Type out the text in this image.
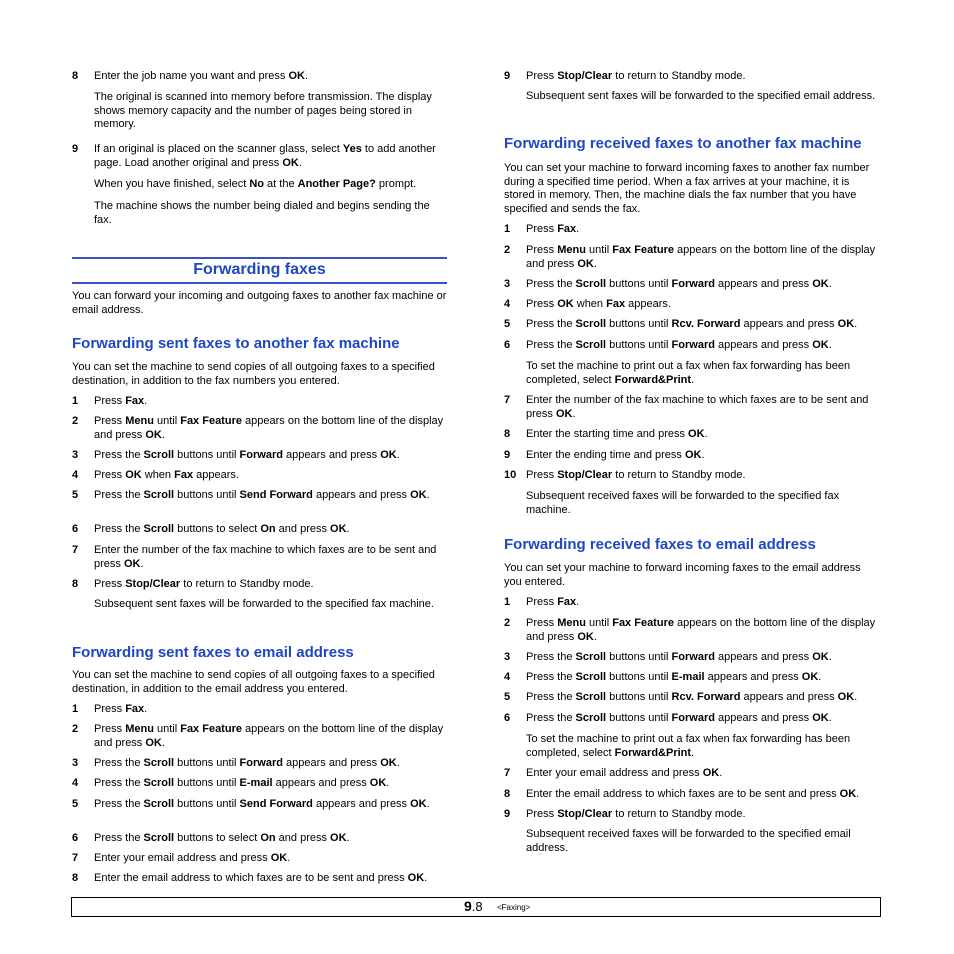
8 Enter the job name you want and press OK.
The original is scanned into memory before transmission. The display shows memory capacity and the number of pages being stored in memory.
9 If an original is placed on the scanner glass, select Yes to add another page. Load another original and press OK.
When you have finished, select No at the Another Page? prompt.
The machine shows the number being dialed and begins sending the fax.
Forwarding faxes
You can forward your incoming and outgoing faxes to another fax machine or email address.
Forwarding sent faxes to another fax machine
You can set the machine to send copies of all outgoing faxes to a specified destination, in addition to the fax numbers you entered.
1 Press Fax.
2 Press Menu until Fax Feature appears on the bottom line of the display and press OK.
3 Press the Scroll buttons until Forward appears and press OK.
4 Press OK when Fax appears.
5 Press the Scroll buttons until Send Forward appears and press OK.
6 Press the Scroll buttons to select On and press OK.
7 Enter the number of the fax machine to which faxes are to be sent and press OK.
8 Press Stop/Clear to return to Standby mode.
Subsequent sent faxes will be forwarded to the specified fax machine.
Forwarding sent faxes to email address
You can set the machine to send copies of all outgoing faxes to a specified destination, in addition to the email address you entered.
1 Press Fax.
2 Press Menu until Fax Feature appears on the bottom line of the display and press OK.
3 Press the Scroll buttons until Forward appears and press OK.
4 Press the Scroll buttons until E-mail appears and press OK.
5 Press the Scroll buttons until Send Forward appears and press OK.
6 Press the Scroll buttons to select On and press OK.
7 Enter your email address and press OK.
8 Enter the email address to which faxes are to be sent and press OK.
9 Press Stop/Clear to return to Standby mode.
Subsequent sent faxes will be forwarded to the specified email address.
Forwarding received faxes to another fax machine
You can set your machine to forward incoming faxes to another fax number during a specified time period. When a fax arrives at your machine, it is stored in memory. Then, the machine dials the fax number that you have specified and sends the fax.
1 Press Fax.
2 Press Menu until Fax Feature appears on the bottom line of the display and press OK.
3 Press the Scroll buttons until Forward appears and press OK.
4 Press OK when Fax appears.
5 Press the Scroll buttons until Rcv. Forward appears and press OK.
6 Press the Scroll buttons until Forward appears and press OK.
To set the machine to print out a fax when fax forwarding has been completed, select Forward&Print.
7 Enter the number of the fax machine to which faxes are to be sent and press OK.
8 Enter the starting time and press OK.
9 Enter the ending time and press OK.
10 Press Stop/Clear to return to Standby mode.
Subsequent received faxes will be forwarded to the specified fax machine.
Forwarding received faxes to email address
You can set your machine to forward incoming faxes to the email address you entered.
1 Press Fax.
2 Press Menu until Fax Feature appears on the bottom line of the display and press OK.
3 Press the Scroll buttons until Forward appears and press OK.
4 Press the Scroll buttons until E-mail appears and press OK.
5 Press the Scroll buttons until Rcv. Forward appears and press OK.
6 Press the Scroll buttons until Forward appears and press OK.
To set the machine to print out a fax when fax forwarding has been completed, select Forward&Print.
7 Enter your email address and press OK.
8 Enter the email address to which faxes are to be sent and press OK.
9 Press Stop/Clear to return to Standby mode.
Subsequent received faxes will be forwarded to the specified email address.
9.8 <Faxing>
